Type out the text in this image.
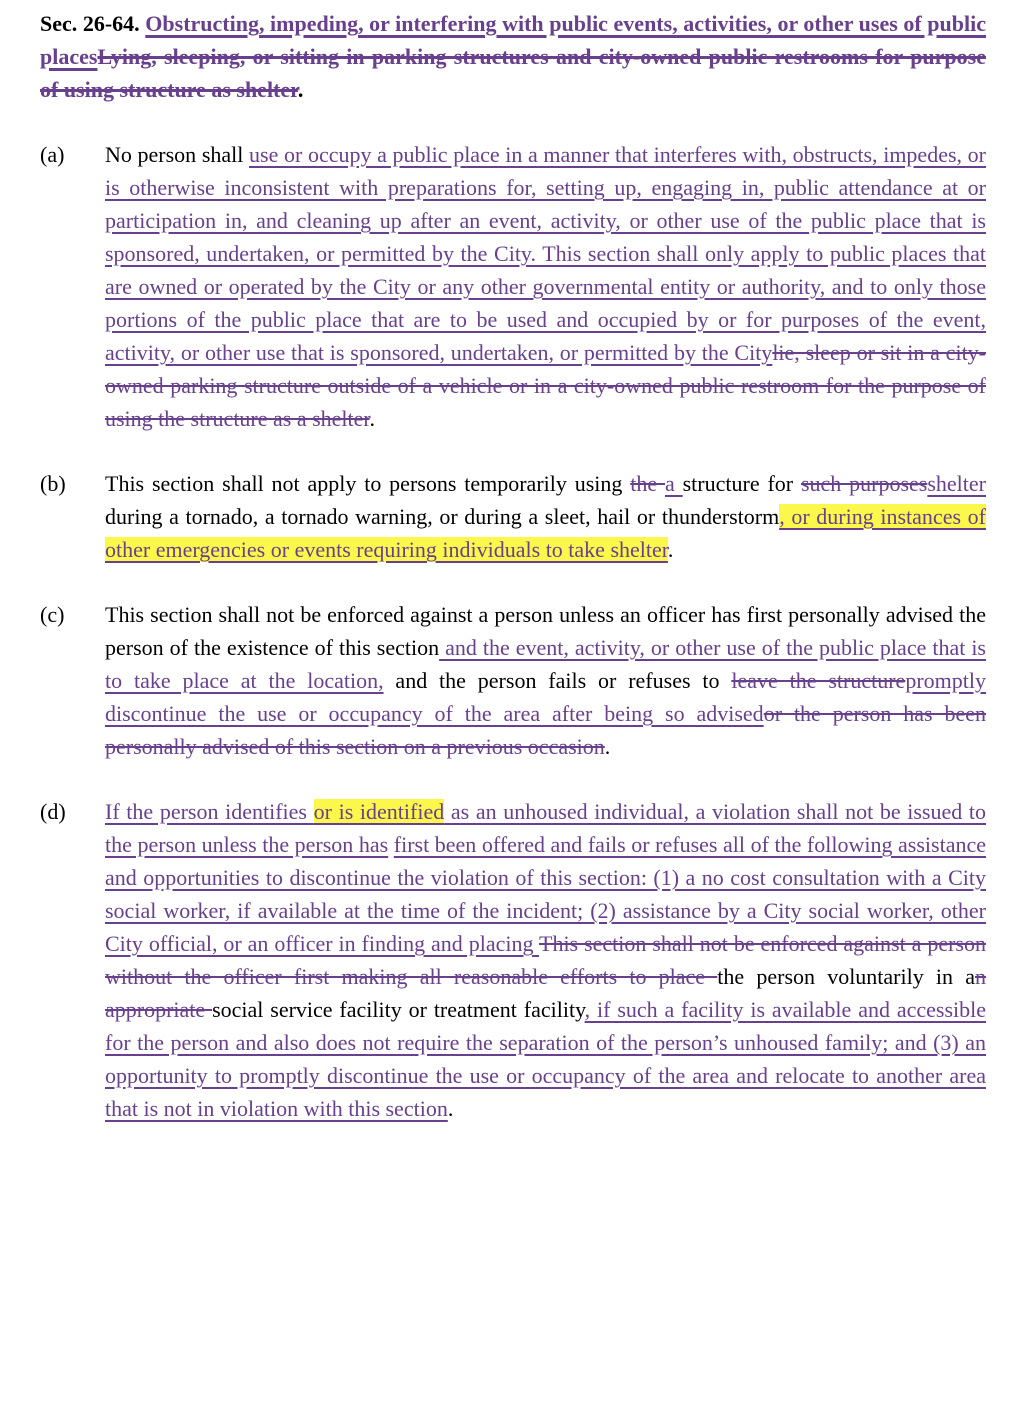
Sec. 26-64. Obstructing, impeding, or interfering with public events, activities, or other uses of public placesLying, sleeping, or sitting in parking structures and city-owned public restrooms for purpose of using structure as shelter.

(a) No person shall use or occupy a public place in a manner that interferes with, obstructs, impedes, or is otherwise inconsistent with preparations for, setting up, engaging in, public attendance at or participation in, and cleaning up after an event, activity, or other use of the public place that is sponsored, undertaken, or permitted by the City. This section shall only apply to public places that are owned or operated by the City or any other governmental entity or authority, and to only those portions of the public place that are to be used and occupied by or for purposes of the event, activity, or other use that is sponsored, undertaken, or permitted by the Citylie, sleep or sit in a city-owned parking structure outside of a vehicle or in a city-owned public restroom for the purpose of using the structure as a shelter.

(b) This section shall not apply to persons temporarily using the a structure for such purposesshelter during a tornado, a tornado warning, or during a sleet, hail or thunderstorm, or during instances of other emergencies or events requiring individuals to take shelter.

(c) This section shall not be enforced against a person unless an officer has first personally advised the person of the existence of this section and the event, activity, or other use of the public place that is to take place at the location, and the person fails or refuses to leave the structurepromptly discontinue the use or occupancy of the area after being so advisedor the person has been personally advised of this section on a previous occasion.

(d) If the person identifies or is identified as an unhoused individual, a violation shall not be issued to the person unless the person has first been offered and fails or refuses all of the following assistance and opportunities to discontinue the violation of this section: (1) a no cost consultation with a City social worker, if available at the time of the incident; (2) assistance by a City social worker, other City official, or an officer in finding and placing This section shall not be enforced against a person without the officer first making all reasonable efforts to place the person voluntarily in an appropriate social service facility or treatment facility, if such a facility is available and accessible for the person and also does not require the separation of the person’s unhoused family; and (3) an opportunity to promptly discontinue the use or occupancy of the area and relocate to another area that is not in violation with this section.
